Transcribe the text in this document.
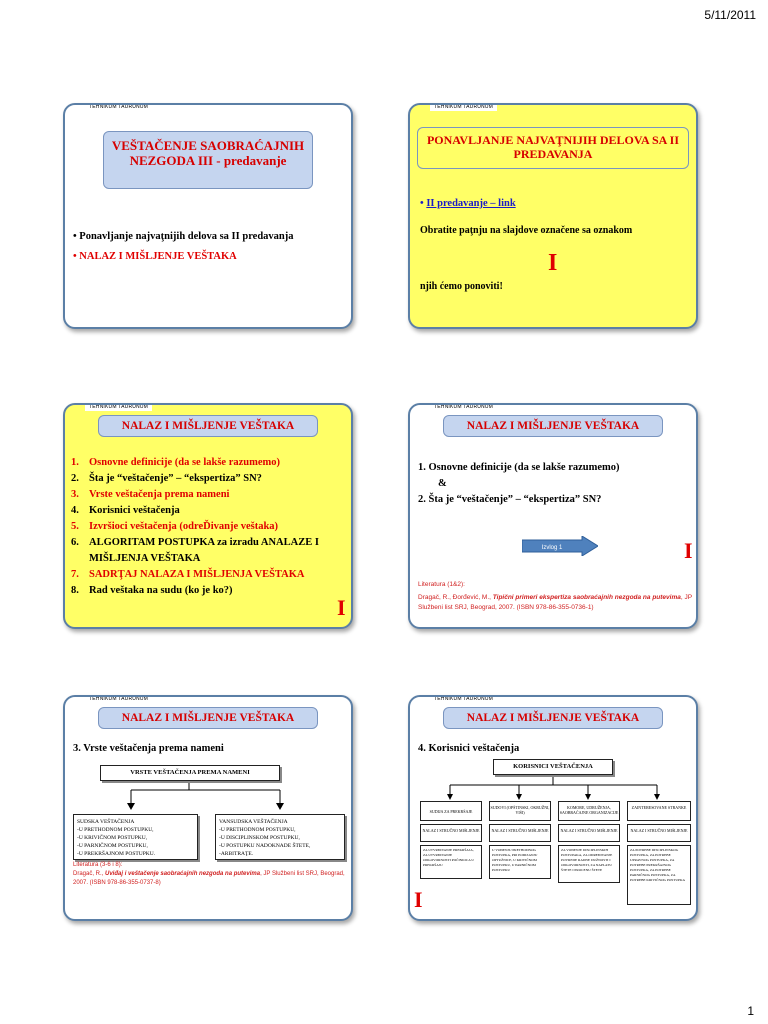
5/11/2011
TEHNIKUM TAURUNUM
VEŠTAČENJE SAOBRAĆAJNIH NEZGODA III - predavanje
• Ponavljanje najvaţnijih delova sa II predavanja
• NALAZ I MIŠLJENJE VEŠTAKA
TEHNIKUM TAURUNUM
PONAVLJANJE NAJVAŢNIJIH DELOVA SA II PREDAVANJA
• II predavanje – link
Obratite paţnju na slajdove označene sa oznakom
I
njih ćemo ponoviti!
TEHNIKUM TAURUNUM
NALAZ I MIŠLJENJE VEŠTAKA
1. Osnovne definicije (da se lakše razumemo)
2. Šta je “veštačenje” – “ekspertiza” SN?
3. Vrste veštačenja prema nameni
4. Korisnici veštačenja
5. Izvršioci veštačenja (odreĎivanje veštaka)
6. ALGORITAM POSTUPKA za izradu ANALAZE I MIŠLJENJA VEŠTAKA
7. SADRŢAJ NALAZA I MIŠLJENJA VEŠTAKA
8. Rad veštaka na sudu (ko je ko?)
I
TEHNIKUM TAURUNUM
NALAZ I MIŠLJENJE VEŠTAKA
1. Osnovne definicije (da se lakše razumemo)
&
2. Šta je “veštačenje” – “ekspertiza” SN?
Izvlog 1	I
Literatura (1&2):
Dragač, R., Đorđević, M., Tipični primeri ekspertiza saobraćajnih nezgoda na putevima, JP Službeni list SRJ, Beograd, 2007. (ISBN 978-86-355-0736-1)
TEHNIKUM TAURUNUM
NALAZ I MIŠLJENJE VEŠTAKA
3. Vrste veštačenja prema nameni
VRSTE VEŠTAČENJA PREMA NAMENI
SUDSKA VEŠTAČENJA
-U PRETHODNOM POSTUPKU,
-U KRIVIČNOM POSTUPKU,
-U PARNIČNOM POSTUPKU,
-U PREKRŠAJNOM POSTUPKU.
VANSUDSKA VEŠTAČENJA
-U PRETHODNOM POSTUPKU,
-U DISCIPLINSKOM POSTUPKU,
-U POSTUPKU NADOKNADE ŠTETE,
-ARBITRAŢE.
Literatura (3-6 i 8):
Dragač, R., Uviđaj i veštačenje saobraćajnih nezgoda na putevima, JP Službeni list SRJ, Beograd, 2007. (ISBN 978-86-355-0737-8)
TEHNIKUM TAURUNUM
NALAZ I MIŠLJENJE VEŠTAKA
4. Korisnici veštačenja
KORISNICI VEŠTAČENJA
SUDIJA ZA PREKRŠAJE
NALAZ I STRUČNO MIŠLJENJE
ZA UTVRĐIVANJE PREKRŠAJA, ZA UTVRĐIVANJE ODGOVORNOSTI POČINIOCA U PREKRŠAJU
SUDOVI (OPŠTINSKI, OKRUŽNI, VIŠI)
NALAZ I STRUČNO MIŠLJENJE
U VOĐENJU PRETHODNOG POSTUPKA, PRI PODIZANJU OPTUŽNICE, U KRIVIČNOM POSTUPKU, U PARNIČNOM POSTUPKU
KOMORE, UDRUŽENJA, SAOBRAĆAJNE ORGANIZACIJE
NALAZ I STRUČNO MIŠLJENJE
ZA VOĐENJE DISCIPLINSKIH POSTUPAKA, ZA ODREĐIVANJE POVREDE RADNE DUŽNOSTI I ODGOVORNOSTI, ZA NAPLATU ŠTETE I PROCENU ŠTETE
ZAINTERESOVANE STRANKE
NALAZ I STRUČNO MIŠLJENJE
ZA POTREBE DISCIPLINSKOG POSTUPKA, ZA POTREBE UPRAVNOG POSTUPKA, ZA POTREBE PREKRŠAJNOG POSTUPKA, ZA POTREBE PARNIČNOG POSTUPKA, ZA POTREBE KRIVIČNOG POSTUPKA
I
1
